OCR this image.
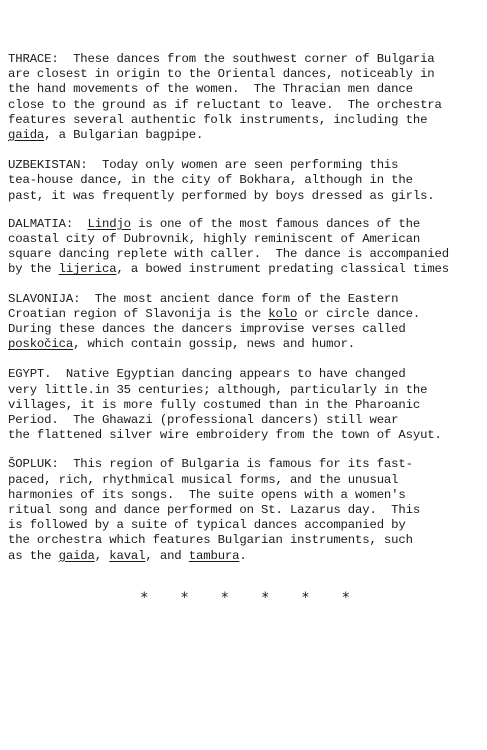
THRACE:  These dances from the southwest corner of Bulgaria
are closest in origin to the Oriental dances, noticeably in
the hand movements of the women.  The Thracian men dance
close to the ground as if reluctant to leave.  The orchestra
features several authentic folk instruments, including the
gaida, a Bulgarian bagpipe.
UZBEKISTAN:  Today only women are seen performing this
tea-house dance, in the city of Bokhara, although in the
past, it was frequently performed by boys dressed as girls.
DALMATIA:  Lindjo is one of the most famous dances of the
coastal city of Dubrovnik, highly reminiscent of American
square dancing replete with caller.  The dance is accompanied
by the lijerica, a bowed instrument predating classical times
SLAVONIJA:  The most ancient dance form of the Eastern
Croatian region of Slavonija is the kolo or circle dance.
During these dances the dancers improvise verses called
poskočica, which contain gossip, news and humor.
EGYPT.  Native Egyptian dancing appears to have changed
very little.in 35 centuries; although, particularly in the
villages, it is more fully costumed than in the Pharoanic
Period.  The Ghawazi (professional dancers) still wear
the flattened silver wire embroidery from the town of Asyut.
ŠOPLUK:  This region of Bulgaria is famous for its fast-
paced, rich, rhythmical musical forms, and the unusual
harmonies of its songs.  The suite opens with a women's
ritual song and dance performed on St. Lazarus day.  This
is followed by a suite of typical dances accompanied by
the orchestra which features Bulgarian instruments, such
as the gaida, kaval, and tambura.
* * * * * *
